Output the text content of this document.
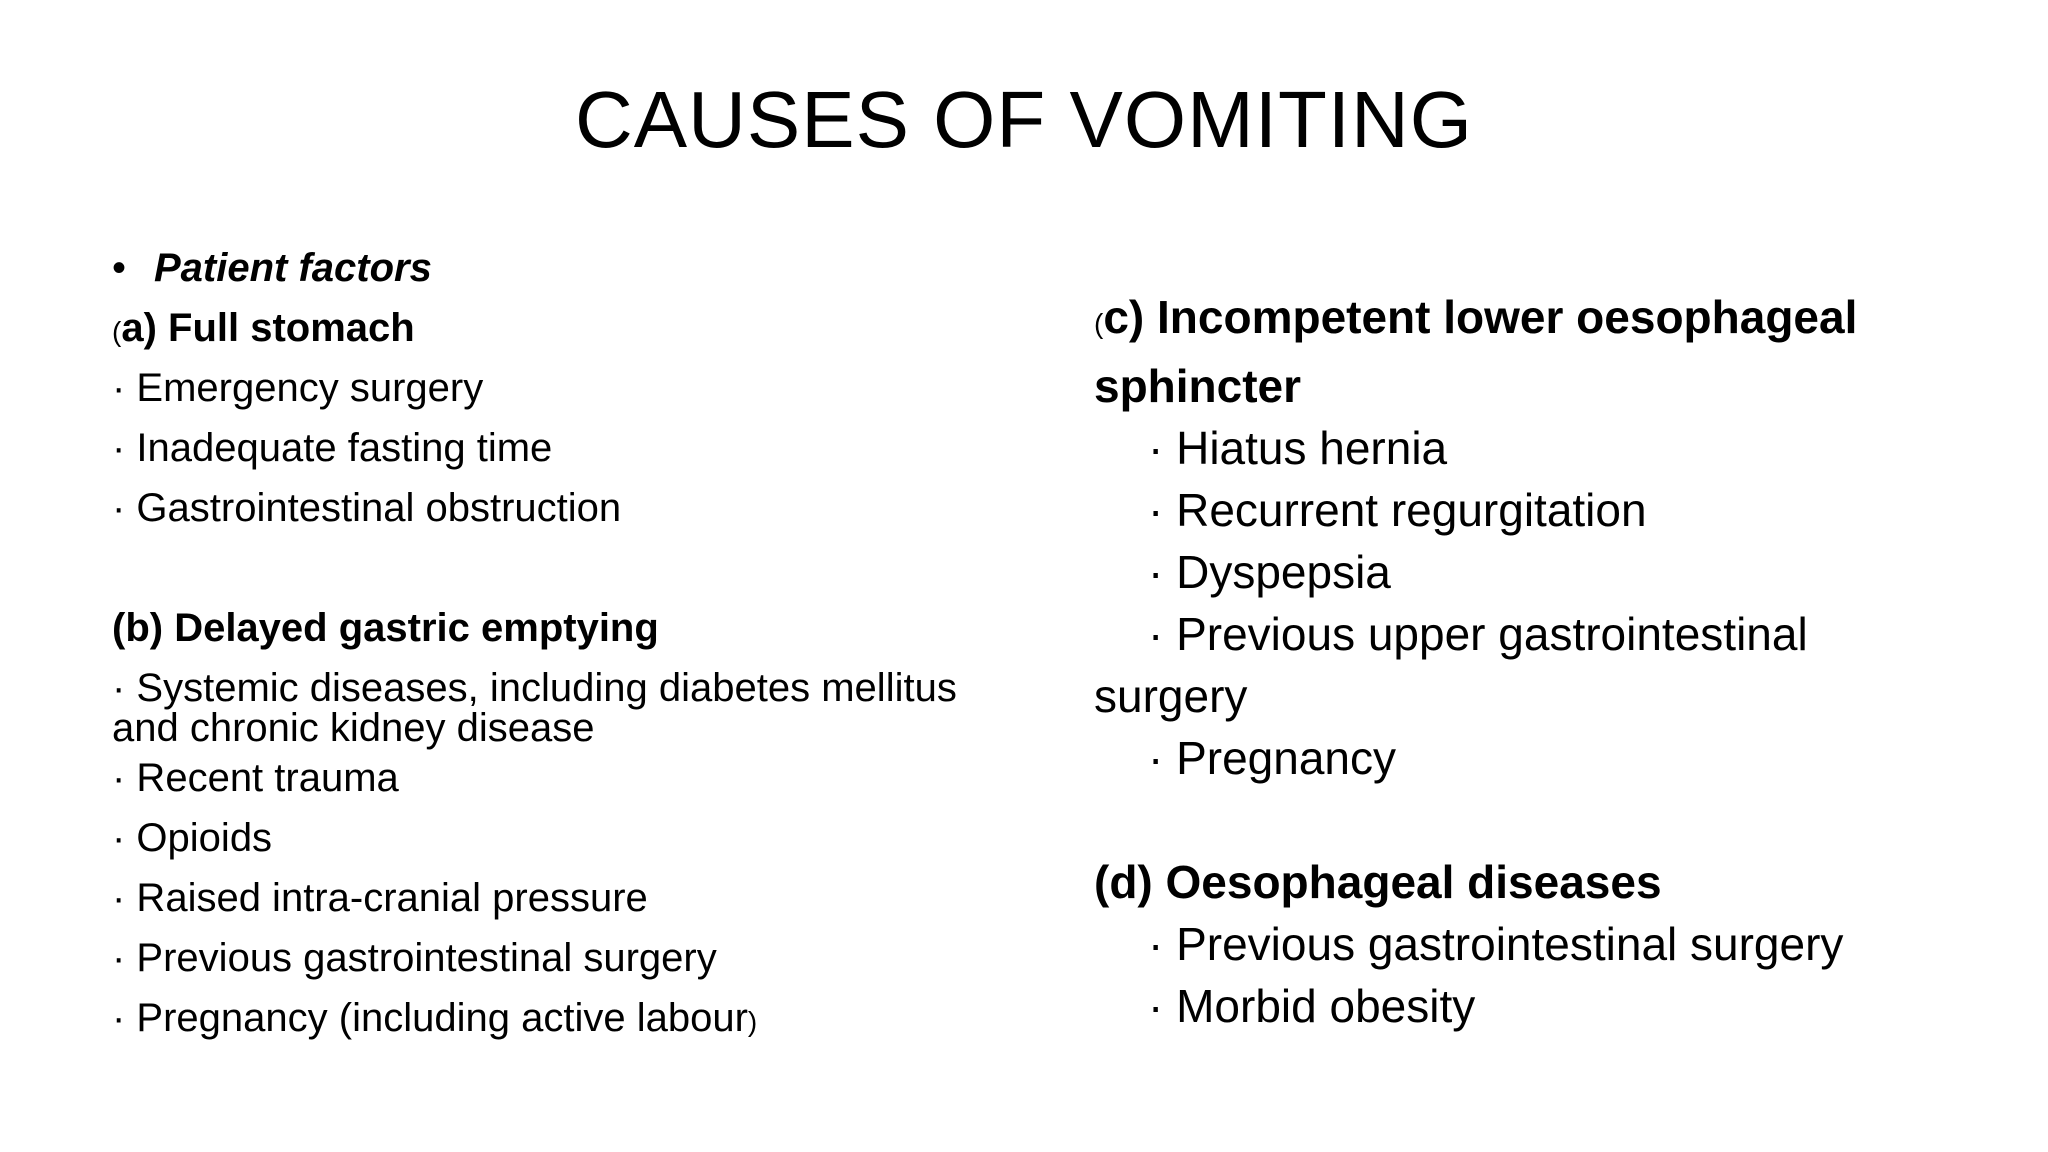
CAUSES OF VOMITING
• Patient factors
(a) Full stomach
· Emergency surgery
· Inadequate fasting time
· Gastrointestinal obstruction
(b) Delayed gastric emptying
· Systemic diseases, including diabetes mellitus and chronic kidney disease
· Recent trauma
· Opioids
· Raised intra-cranial pressure
· Previous gastrointestinal surgery
· Pregnancy (including active labour)
(c) Incompetent lower oesophageal sphincter
· Hiatus hernia
· Recurrent regurgitation
· Dyspepsia
· Previous upper gastrointestinal
surgery
· Pregnancy
(d) Oesophageal diseases
· Previous gastrointestinal surgery
· Morbid obesity
